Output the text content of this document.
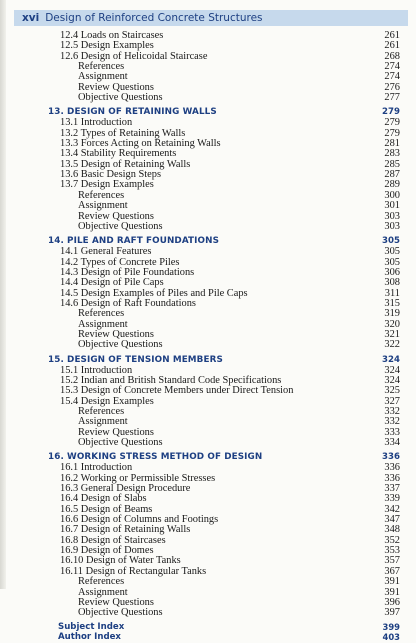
xvi Design of Reinforced Concrete Structures
12.4 Loads on Staircases	261
12.5 Design Examples	261
12.6 Design of Helicoidal Staircase	268
References	274
Assignment	274
Review Questions	276
Objective Questions	277
13. DESIGN OF RETAINING WALLS	279
13.1 Introduction	279
13.2 Types of Retaining Walls	279
13.3 Forces Acting on Retaining Walls	281
13.4 Stability Requirements	283
13.5 Design of Retaining Walls	285
13.6 Basic Design Steps	287
13.7 Design Examples	289
References	300
Assignment	301
Review Questions	303
Objective Questions	303
14. PILE AND RAFT FOUNDATIONS	305
14.1 General Features	305
14.2 Types of Concrete Piles	305
14.3 Design of Pile Foundations	306
14.4 Design of Pile Caps	308
14.5 Design Examples of Piles and Pile Caps	311
14.6 Design of Raft Foundations	315
References	319
Assignment	320
Review Questions	321
Objective Questions	322
15. DESIGN OF TENSION MEMBERS	324
15.1 Introduction	324
15.2 Indian and British Standard Code Specifications	324
15.3 Design of Concrete Members under Direct Tension	325
15.4 Design Examples	327
References	332
Assignment	332
Review Questions	333
Objective Questions	334
16. WORKING STRESS METHOD OF DESIGN	336
16.1 Introduction	336
16.2 Working or Permissible Stresses	336
16.3 General Design Procedure	337
16.4 Design of Slabs	339
16.5 Design of Beams	342
16.6 Design of Columns and Footings	347
16.7 Design of Retaining Walls	348
16.8 Design of Staircases	352
16.9 Design of Domes	353
16.10 Design of Water Tanks	357
16.11 Design of Rectangular Tanks	367
References	391
Assignment	391
Review Questions	396
Objective Questions	397
Subject Index	399
Author Index	403
